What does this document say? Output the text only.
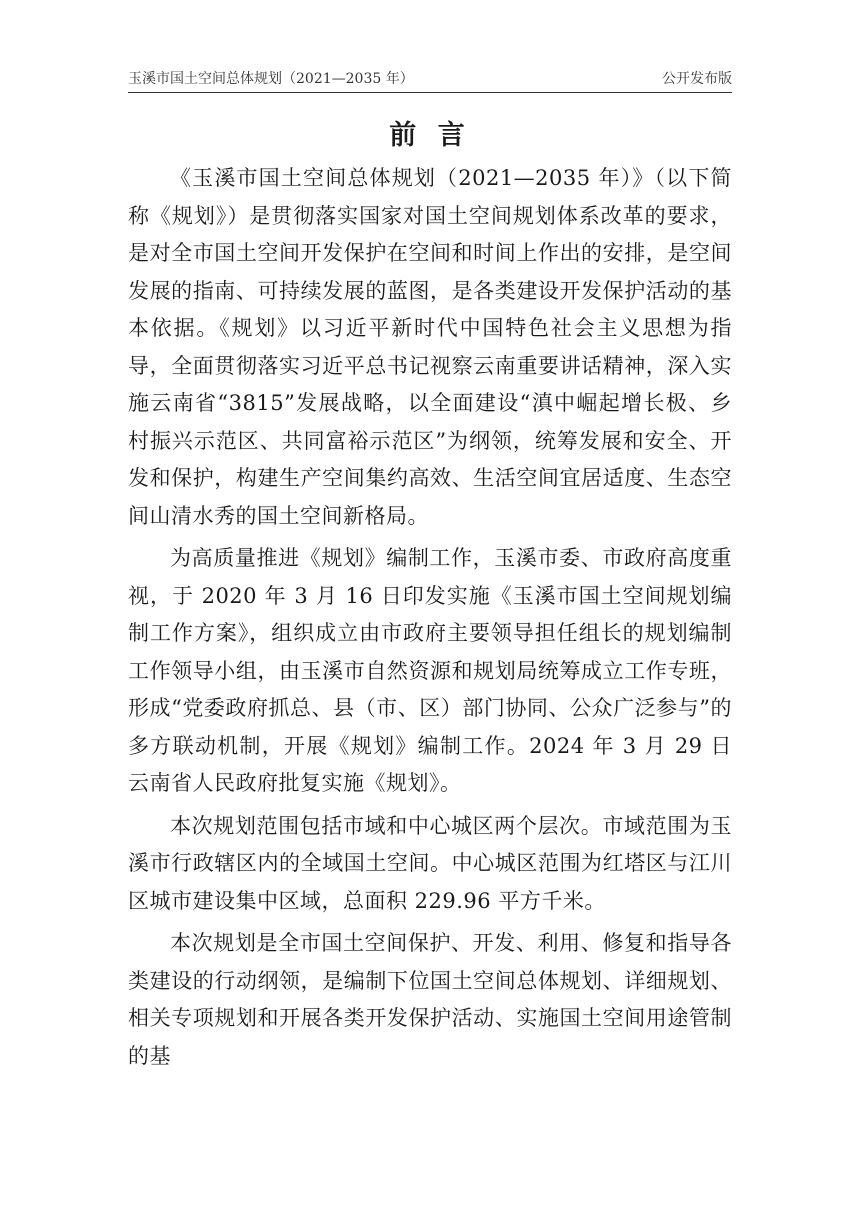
玉溪市国土空间总体规划（2021—2035 年）	公开发布版
前 言

《玉溪市国土空间总体规划（2021—2035 年）》（以下简称《规划》）是贯彻落实国家对国土空间规划体系改革的要求，是对全市国土空间开发保护在空间和时间上作出的安排，是空间发展的指南、可持续发展的蓝图，是各类建设开发保护活动的基本依据。《规划》以习近平新时代中国特色社会主义思想为指导，全面贯彻落实习近平总书记视察云南重要讲话精神，深入实施云南省“3815”发展战略，以全面建设“滇中崛起增长极、乡村振兴示范区、共同富裕示范区”为纲领，统筹发展和安全、开发和保护，构建生产空间集约高效、生活空间宜居适度、生态空间山清水秀的国土空间新格局。

为高质量推进《规划》编制工作，玉溪市委、市政府高度重视，于 2020 年 3 月 16 日印发实施《玉溪市国土空间规划编制工作方案》，组织成立由市政府主要领导担任组长的规划编制工作领导小组，由玉溪市自然资源和规划局统筹成立工作专班，形成“党委政府抓总、县（市、区）部门协同、公众广泛参与”的多方联动机制，开展《规划》编制工作。2024 年 3 月 29 日云南省人民政府批复实施《规划》。

本次规划范围包括市域和中心城区两个层次。市域范围为玉溪市行政辖区内的全域国土空间。中心城区范围为红塔区与江川区城市建设集中区域，总面积 229.96 平方千米。

本次规划是全市国土空间保护、开发、利用、修复和指导各类建设的行动纲领，是编制下位国土空间总体规划、详细规划、相关专项规划和开展各类开发保护活动、实施国土空间用途管制的基
